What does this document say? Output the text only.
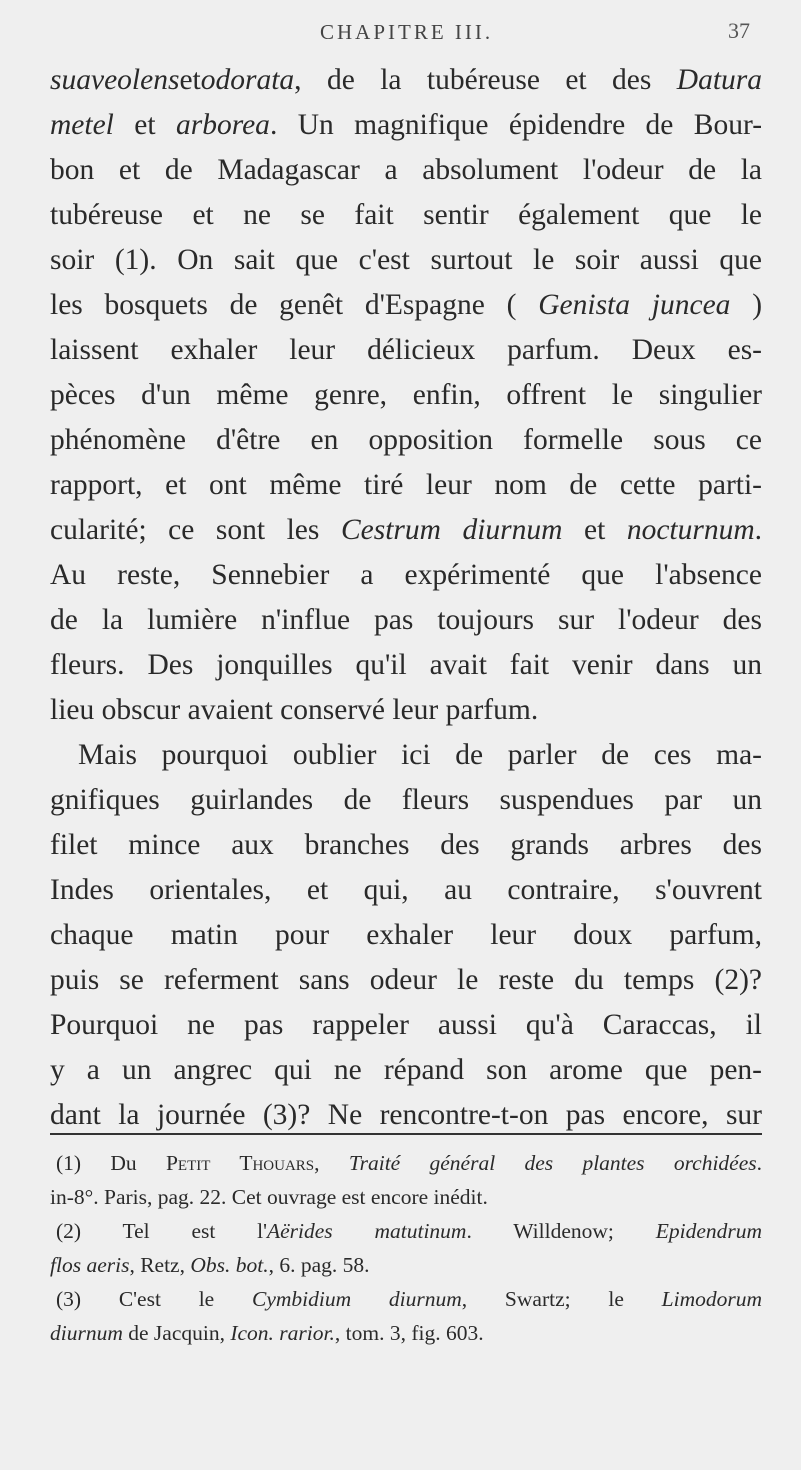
CHAPITRE III.	37
suaveolensetodorata, de la tubéreuse et des Datura
metel et arborea. Un magnifique épidendre de Bour-
bon et de Madagascar a absolument l'odeur de la
tubéreuse et ne se fait sentir également que le
soir (1). On sait que c'est surtout le soir aussi que
les bosquets de genêt d'Espagne ( Genista juncea )
laissent exhaler leur délicieux parfum. Deux es-
pèces d'un même genre, enfin, offrent le singulier
phénomène d'être en opposition formelle sous ce
rapport, et ont même tiré leur nom de cette parti-
cularité; ce sont les Cestrum diurnum et nocturnum.
Au reste, Sennebier a expérimenté que l'absence
de la lumière n'influe pas toujours sur l'odeur des
fleurs. Des jonquilles qu'il avait fait venir dans un
lieu obscur avaient conservé leur parfum.
Mais pourquoi oublier ici de parler de ces ma-
gnifiques guirlandes de fleurs suspendues par un
filet mince aux branches des grands arbres des
Indes orientales, et qui, au contraire, s'ouvrent
chaque matin pour exhaler leur doux parfum,
puis se referment sans odeur le reste du temps (2)?
Pourquoi ne pas rappeler aussi qu'à Caraccas, il
y a un angrec qui ne répand son arome que pen-
dant la journée (3)? Ne rencontre-t-on pas encore, sur
(1) Du Petit Thouars, Traité général des plantes orchidées.
in-8°. Paris, pag. 22. Cet ouvrage est encore inédit.
(2) Tel est l'Aërides matutinum. Willdenow; Epidendrum
flos aeris, Retz, Obs. bot., 6. pag. 58.
(3) C'est le Cymbidium diurnum, Swartz; le Limodorum
diurnum de Jacquin, Icon. rarior., tom. 3, fig. 603.
